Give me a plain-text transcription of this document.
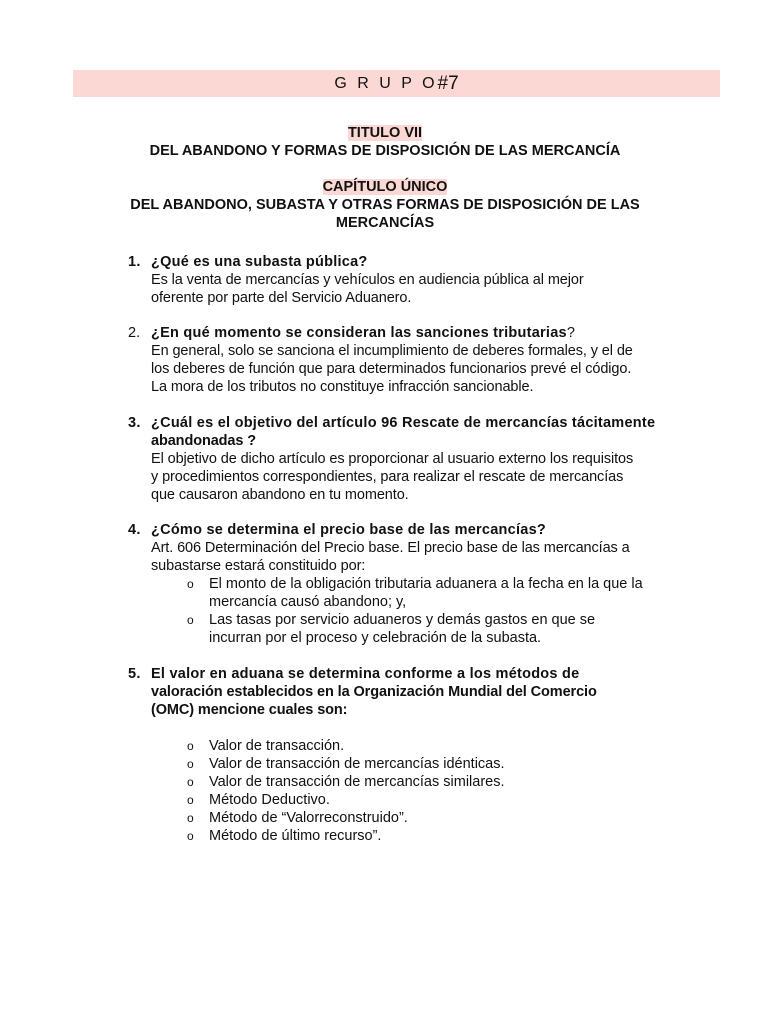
G R U P O #7

TITULO VII

DEL ABANDONO Y FORMAS DE DISPOSICIÓN DE LAS MERCANCÍA

CAPÍTULO ÚNICO

DEL ABANDONO, SUBASTA Y OTRAS FORMAS DE DISPOSICIÓN DE LAS

MERCANCÍAS

1. ¿Qué es una subasta pública?
Es la venta de mercancías y vehículos en audiencia pública al mejor
oferente por parte del Servicio Aduanero.
2. ¿En qué momento se consideran las sanciones tributarias?
En general, solo se sanciona el incumplimiento de deberes formales, y el de
los deberes de función que para determinados funcionarios prevé el código.
La mora de los tributos no constituye infracción sancionable.
3. ¿Cuál es el objetivo del artículo 96 Rescate de mercancías tácitamente
abandonadas ?
El objetivo de dicho artículo es proporcionar al usuario externo los requisitos
y procedimientos correspondientes, para realizar el rescate de mercancías
que causaron abandono en tu momento.
4. ¿Cómo se determina el precio base de las mercancías?
Art. 606 Determinación del Precio base. El precio base de las mercancías a
subastarse estará constituido por:
o	El monto de la obligación tributaria aduanera a la fecha en la que la
mercancía causó abandono; y,
o	Las tasas por servicio aduaneros y demás gastos en que se
incurran por el proceso y celebración de la subasta.
5. El valor en aduana se determina conforme a los métodos de
valoración establecidos en la Organización Mundial del Comercio
(OMC) mencione cuales son:
o	Valor de transacción.
o	Valor de transacción de mercancías idénticas.
o	Valor de transacción de mercancías similares.
o	Método Deductivo.
o	Método de “Valorreconstruido”.
o	Método de último recurso”.
